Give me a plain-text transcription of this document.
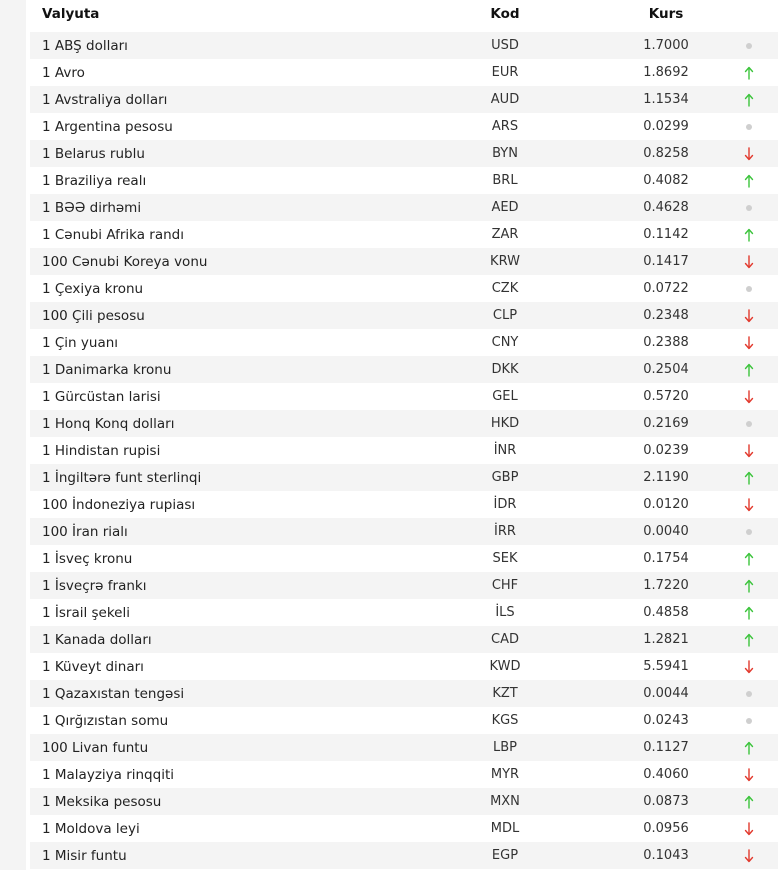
Valyuta	Kod	Kurs
1 ABŞ dolları	USD	1.7000
1 Avro	EUR	1.8692
1 Avstraliya dolları	AUD	1.1534
1 Argentina pesosu	ARS	0.0299
1 Belarus rublu	BYN	0.8258
1 Braziliya realı	BRL	0.4082
1 BƏƏ dirhəmi	AED	0.4628
1 Cənubi Afrika randı	ZAR	0.1142
100 Cənubi Koreya vonu	KRW	0.1417
1 Çexiya kronu	CZK	0.0722
100 Çili pesosu	CLP	0.2348
1 Çin yuanı	CNY	0.2388
1 Danimarka kronu	DKK	0.2504
1 Gürcüstan larisi	GEL	0.5720
1 Honq Konq dolları	HKD	0.2169
1 Hindistan rupisi	İNR	0.0239
1 İngiltərə funt sterlinqi	GBP	2.1190
100 İndoneziya rupiası	İDR	0.0120
100 İran rialı	İRR	0.0040
1 İsveç kronu	SEK	0.1754
1 İsveçrə frankı	CHF	1.7220
1 İsrail şekeli	İLS	0.4858
1 Kanada dolları	CAD	1.2821
1 Küveyt dinarı	KWD	5.5941
1 Qazaxıstan tengəsi	KZT	0.0044
1 Qırğızıstan somu	KGS	0.0243
100 Livan funtu	LBP	0.1127
1 Malayziya rinqqiti	MYR	0.4060
1 Meksika pesosu	MXN	0.0873
1 Moldova leyi	MDL	0.0956
1 Misir funtu	EGP	0.1043
